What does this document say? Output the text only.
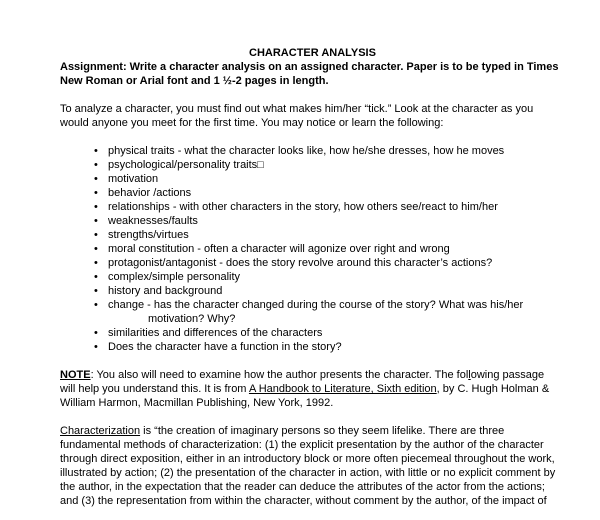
CHARACTER ANALYSIS

Assignment: Write a character analysis on an assigned character. Paper is to be typed in Times New Roman or Arial font and 1 ½-2 pages in length.

To analyze a character, you must find out what makes him/her “tick.” Look at the character as you would anyone you meet for the first time. You may notice or learn the following:

• physical traits - what the character looks like, how he/she dresses, how he moves
• psychological/personality traits□
• motivation
• behavior /actions
• relationships - with other characters in the story, how others see/react to him/her
• weaknesses/faults
• strengths/virtues
• moral constitution - often a character will agonize over right and wrong
• protagonist/antagonist - does the story revolve around this character’s actions?
• complex/simple personality
• history and background
• change - has the character changed during the course of the story? What was his/her
motivation? Why?
• similarities and differences of the characters
• Does the character have a function in the story?

NOTE: You also will need to examine how the author presents the character. The following passage will help you understand this. It is from A Handbook to Literature, Sixth edition, by C. Hugh Holman & William Harmon, Macmillan Publishing, New York, 1992.

Characterization is “the creation of imaginary persons so they seem lifelike. There are three fundamental methods of characterization: (1) the explicit presentation by the author of the character through direct exposition, either in an introductory block or more often piecemeal throughout the work, illustrated by action; (2) the presentation of the character in action, with little or no explicit comment by the author, in the expectation that the reader can deduce the attributes of the actor from the actions; and (3) the representation from within the character, without comment by the author, of the impact of
